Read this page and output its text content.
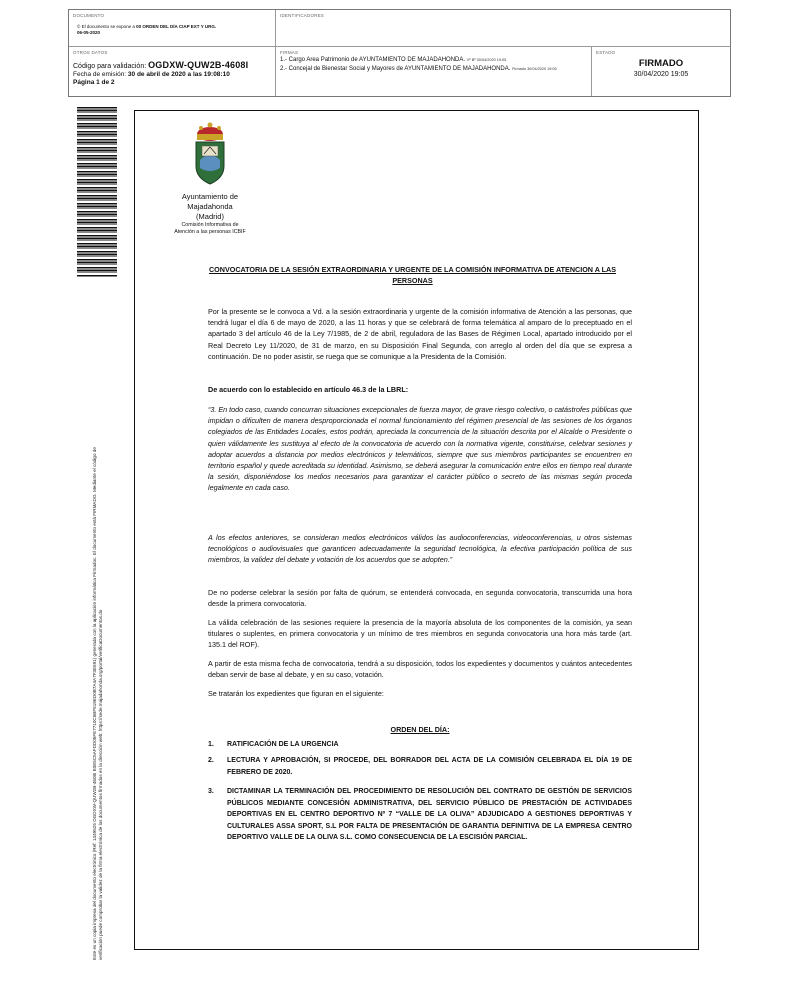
DOCUMENTO
© El documento se expone a 00 ORDEN DEL DÍA CIAP EXT Y URG.
06-05-2020
IDENTIFICADORES
OTROS DATOS
Código para validación: OGDXW-QUW2B-4608I
Fecha de emisión: 30 de abril de 2020 a las 19:08:10
Página 1 de 2
FIRMAS
1.- Cargo Area Patrimonio de AYUNTAMIENTO DE MAJADAHONDA. Vº Bº 30/04/2020 19:05
2.- Concejal de Bienestar Social y Mayores de AYUNTAMIENTO DE MAJADAHONDA. Firmado 30/04/2020 19:05
ESTADO
FIRMADO
30/04/2020 19:05

Este es un copia impresa del documento electrónico (Ref: 1349525 OGDXW-QUW2B-4608I E0E5C5AFDD05FE7710C5BF519ED0B7A4A7F3E591) generada con la aplicación informática Firmadoc. El documento está FIRMADO. Mediante el código de verificación puede comprobar la validez de la firma electrónica de los documentos firmados en la dirección web: https://sede.majadahonda.org/portal/verificaDocumentos.do

Ayuntamiento de
Majadahonda
(Madrid)
Comisión Informativa de
Atención a las personas ICBIF
CONVOCATORIA DE LA SESIÓN EXTRAORDINARIA Y URGENTE DE LA COMISIÓN INFORMATIVA DE ATENCION A LAS PERSONAS

Por la presente se le convoca a Vd. a la sesión extraordinaria y urgente de la comisión informativa de Atención a las personas, que tendrá lugar el día 6 de mayo de 2020, a las 11 horas y que se celebrará de forma telemática al amparo de lo preceptuado en el apartado 3 del artículo 46 de la Ley 7/1985, de 2 de abril, reguladora de las Bases de Régimen Local, apartado introducido por el Real Decreto Ley 11/2020, de 31 de marzo, en su Disposición Final Segunda, con arreglo al orden del día que se expresa a continuación. De no poder asistir, se ruega que se comunique a la Presidenta de la Comisión.

De acuerdo con lo establecido en artículo 46.3 de la LBRL:

“3. En todo caso, cuando concurran situaciones excepcionales de fuerza mayor, de grave riesgo colectivo, o catástrofes públicas que impidan o dificulten de manera desproporcionada el normal funcionamiento del régimen presencial de las sesiones de los órganos colegiados de las Entidades Locales, estos podrán, apreciada la concurrencia de la situación descrita por el Alcalde o Presidente o quien válidamente les sustituya al efecto de la convocatoria de acuerdo con la normativa vigente, constituirse, celebrar sesiones y adoptar acuerdos a distancia por medios electrónicos y telemáticos, siempre que sus miembros participantes se encuentren en territorio español y quede acreditada su identidad. Asimismo, se deberá asegurar la comunicación entre ellos en tiempo real durante la sesión, disponiéndose los medios necesarios para garantizar el carácter público o secreto de las mismas según proceda legalmente en cada caso.

A los efectos anteriores, se consideran medios electrónicos válidos las audioconferencias, videoconferencias, u otros sistemas tecnológicos o audiovisuales que garanticen adecuadamente la seguridad tecnológica, la efectiva participación política de sus miembros, la validez del debate y votación de los acuerdos que se adopten.”

De no poderse celebrar la sesión por falta de quórum, se entenderá convocada, en segunda convocatoria, transcurrida una hora desde la primera convocatoria.

La válida celebración de las sesiones requiere la presencia de la mayoría absoluta de los componentes de la comisión, ya sean titulares o suplentes, en primera convocatoria y un mínimo de tres miembros en segunda convocatoria una hora más tarde (art. 135.1 del ROF).

A partir de esta misma fecha de convocatoria, tendrá a su disposición, todos los expedientes y documentos y cuántos antecedentes deban servir de base al debate, y en su caso, votación.

Se tratarán los expedientes que figuran en el siguiente:

ORDEN DEL DÍA:
1.	RATIFICACIÓN DE LA URGENCIA
2.	LECTURA Y APROBACIÓN, SI PROCEDE, DEL BORRADOR DEL ACTA DE LA COMISIÓN CELEBRADA EL DÍA 19 DE FEBRERO DE 2020.
3.	DICTAMINAR LA TERMINACIÓN DEL PROCEDIMIENTO DE RESOLUCIÓN DEL CONTRATO DE GESTIÓN DE SERVICIOS PÚBLICOS MEDIANTE CONCESIÓN ADMINISTRATIVA, DEL SERVICIO PÚBLICO DE PRESTACIÓN DE ACTIVIDADES DEPORTIVAS EN EL CENTRO DEPORTIVO Nº 7 “VALLE DE LA OLIVA” ADJUDICADO A GESTIONES DEPORTIVAS Y CULTURALES ASSA SPORT, S.L POR FALTA DE PRESENTACIÓN DE GARANTIA DEFINITIVA DE LA EMPRESA CENTRO DEPORTIVO VALLE DE LA OLIVA S.L. COMO CONSECUENCIA DE LA ESCISIÓN PARCIAL.
